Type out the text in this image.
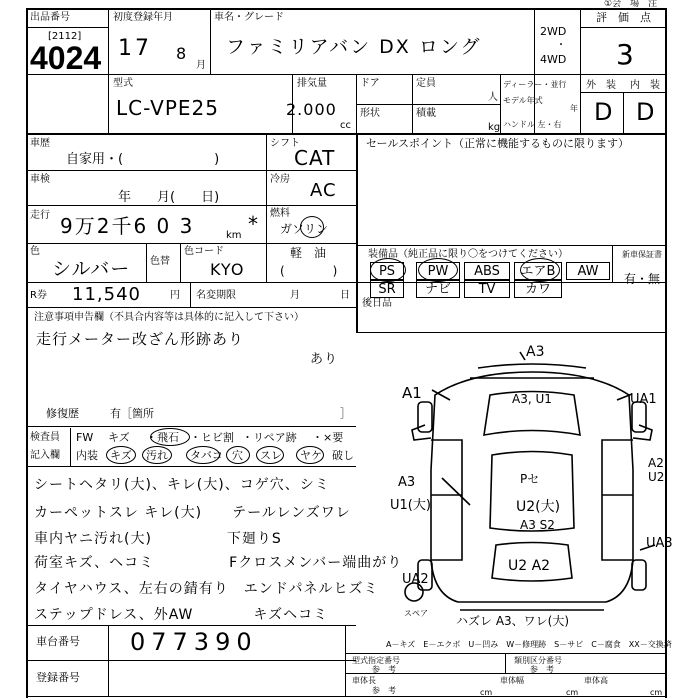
出品番号
[2112]
4024
初度登録年月
17 8
月
車名・グレード
ファミリアバン DX ロング
2WD
・
4WD
評　価　点
3
①会　場　注
型式
LC-VPE25
排気量
2.000
cc
ドア	定員
人
形状	積載
kg
ディーラー・並行
モデル年式
年
ハンドル 左・右
外　装 内　装
D D
車歴
自家用・(　　　　　　　)
シフト
CAT
セールスポイント（正常に機能するものに限ります）
車検
年　　月(　　日)
冷房
AC
走行 9万2千6 0 3	km * 燃料
ガソリン
軽　油
(　　　　)
色
シルバー 色替
色コード
KYO
R券 11,540	円 名変期限	月	日
後日品
装備品（純正品に限り〇をつけてください）	新車保証書
PS	PW	ABS	エアB	AW
SR	ナビ	TV	カワ
有・無
注意事項申告欄（不具合内容等は具体的に記入して下さい）
走行メーター改ざん形跡あり
あり
修復歴	有［箇所	］
検査員
記入欄
FW キズ ・飛石 ・ヒビ割 ・リペア跡 ・×要
内装 キズ 汚れ タバコ 穴 スレ ヤケ 破し
シートヘタリ(大)、キレ(大)、コゲ穴、シミ
カーペットスレ キレ(大)　　テールレンズワレ
車内ヤニ汚れ(大)　　　　　下廻りS
荷室キズ、ヘコミ　　　　　Fクロスメンバー端曲がり
タイヤハウス、左右の錆有り　エンドパネルヒズミ
ステップドレス、外AW　　　　キズヘコミ
車台番号 077390
登録番号
A－キズ　E－エクボ　U－凹み　W－修理跡　S－サビ　C－腐食　XX－交換済
型式指定番号
参　考
類別区分番号
参　考
車体長
参　考	cm
車体幅
cm
車体高
cm
A3
A1	A3, U1	UA1
A2
U2
A3
U1(大)
Pセ
U2(大)
A3 S2
UA3
UA2
U2 A2
ハズレ A3、ワレ(大)
スペア
